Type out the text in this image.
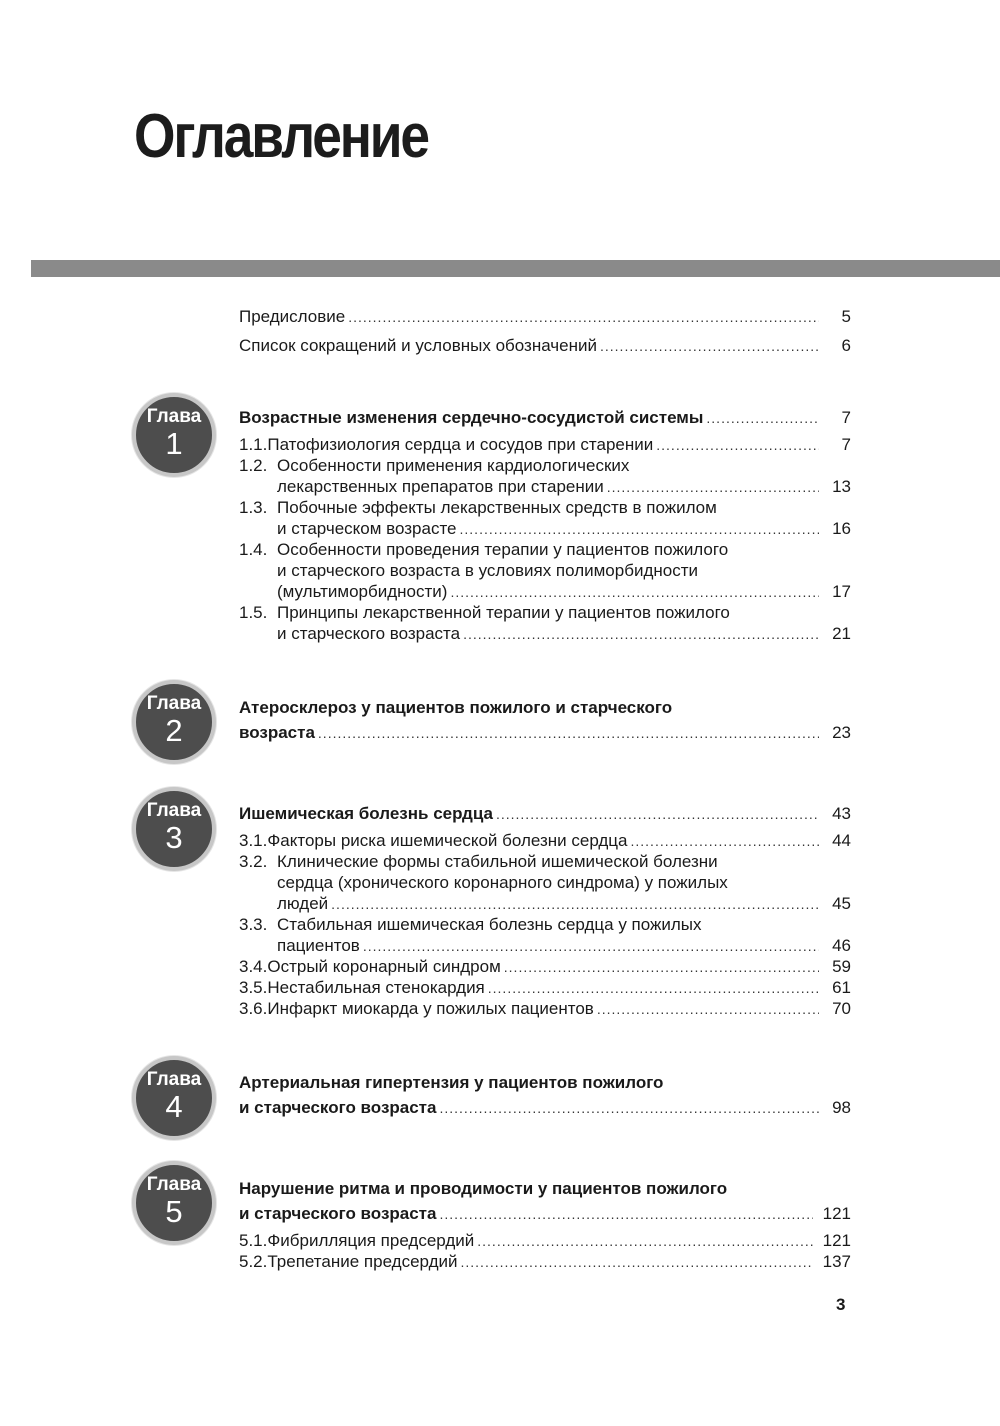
Оглавление
Предисловие .....	5
Список сокращений и условных обозначений .....	6
Глава
1
Возрастные изменения сердечно-сосудистой системы .....	7
1.1. Патофизиология сердца и сосудов при старении .....	7
1.2. Особенности применения кардиологических
лекарственных препаратов при старении .....	13
1.3. Побочные эффекты лекарственных средств в пожилом
и старческом возрасте .....	16
1.4. Особенности проведения терапии у пациентов пожилого
и старческого возраста в условиях полиморбидности
(мультиморбидности) .....	17
1.5. Принципы лекарственной терапии у пациентов пожилого
и старческого возраста .....	21
Глава
2
Атеросклероз у пациентов пожилого и старческого
возраста .....	23
Глава
3
Ишемическая болезнь сердца .....	43
3.1. Факторы риска ишемической болезни сердца .....	44
3.2. Клинические формы стабильной ишемической болезни
сердца (хронического коронарного синдрома) у пожилых
людей .....	45
3.3. Стабильная ишемическая болезнь сердца у пожилых
пациентов .....	46
3.4. Острый коронарный синдром .....	59
3.5. Нестабильная стенокардия .....	61
3.6. Инфаркт миокарда у пожилых пациентов .....	70
Глава
4
Артериальная гипертензия у пациентов пожилого
и старческого возраста .....	98
Глава
5
Нарушение ритма и проводимости у пациентов пожилого
и старческого возраста .....	121
5.1. Фибрилляция предсердий .....	121
5.2. Трепетание предсердий .....	137
3
